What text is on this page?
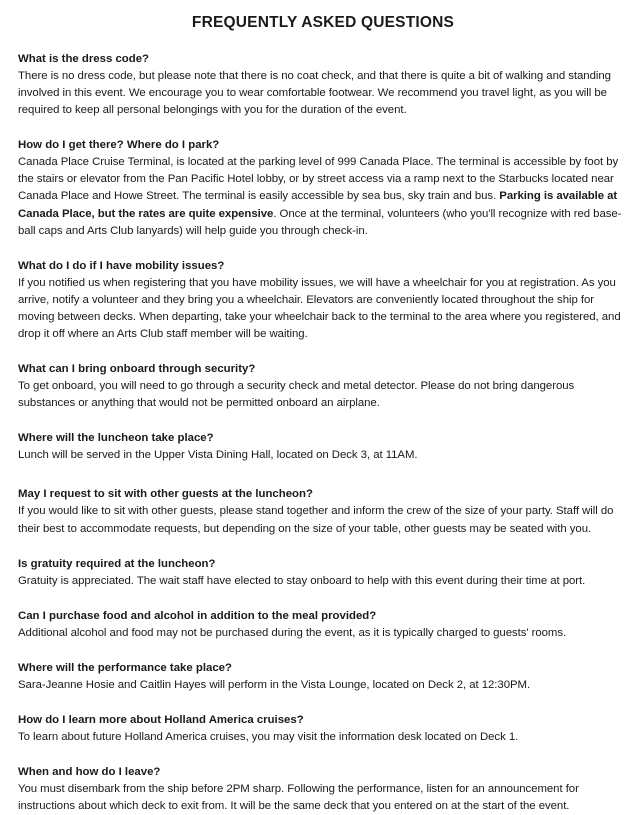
FREQUENTLY ASKED QUESTIONS

What is the dress code?

There is no dress code, but please note that there is no coat check, and that there is quite a bit of walking and standing involved in this event. We encourage you to wear comfortable footwear. We recommend you travel light, as you will be required to keep all personal belongings with you for the duration of the event.

How do I get there? Where do I park?

Canada Place Cruise Terminal, is located at the parking level of 999 Canada Place. The terminal is accessible by foot by the stairs or elevator from the Pan Pacific Hotel lobby, or by street access via a ramp next to the Starbucks located near Canada Place and Howe Street. The terminal is easily accessible by sea bus, sky train and bus. Parking is available at Canada Place, but the rates are quite expensive. Once at the terminal, volunteers (who you'll recognize with red base-ball caps and Arts Club lanyards) will help guide you through check-in.

What do I do if I have mobility issues?

If you notified us when registering that you have mobility issues, we will have a wheelchair for you at registration. As you arrive, notify a volunteer and they bring you a wheelchair. Elevators are conveniently located throughout the ship for moving between decks. When departing, take your wheelchair back to the terminal to the area where you registered, and drop it off where an Arts Club staff member will be waiting.

What can I bring onboard through security?

To get onboard, you will need to go through a security check and metal detector. Please do not bring dangerous substances or anything that would not be permitted onboard an airplane.

Where will the luncheon take place?

Lunch will be served in the Upper Vista Dining Hall, located on Deck 3, at 11AM.

May I request to sit with other guests at the luncheon?

If you would like to sit with other guests, please stand together and inform the crew of the size of your party. Staff will do their best to accommodate requests, but depending on the size of your table, other guests may be seated with you.

Is gratuity required at the luncheon?

Gratuity is appreciated. The wait staff have elected to stay onboard to help with this event during their time at port.

Can I purchase food and alcohol in addition to the meal provided?

Additional alcohol and food may not be purchased during the event, as it is typically charged to guests' rooms.

Where will the performance take place?

Sara-Jeanne Hosie and Caitlin Hayes will perform in the Vista Lounge, located on Deck 2, at 12:30PM.

How do I learn more about Holland America cruises?

To learn about future Holland America cruises, you may visit the information desk located on Deck 1.

When and how do I leave?

You must disembark from the ship before 2PM sharp. Following the performance, listen for an announcement for instructions about which deck to exit from. It will be the same deck that you entered on at the start of the event.
